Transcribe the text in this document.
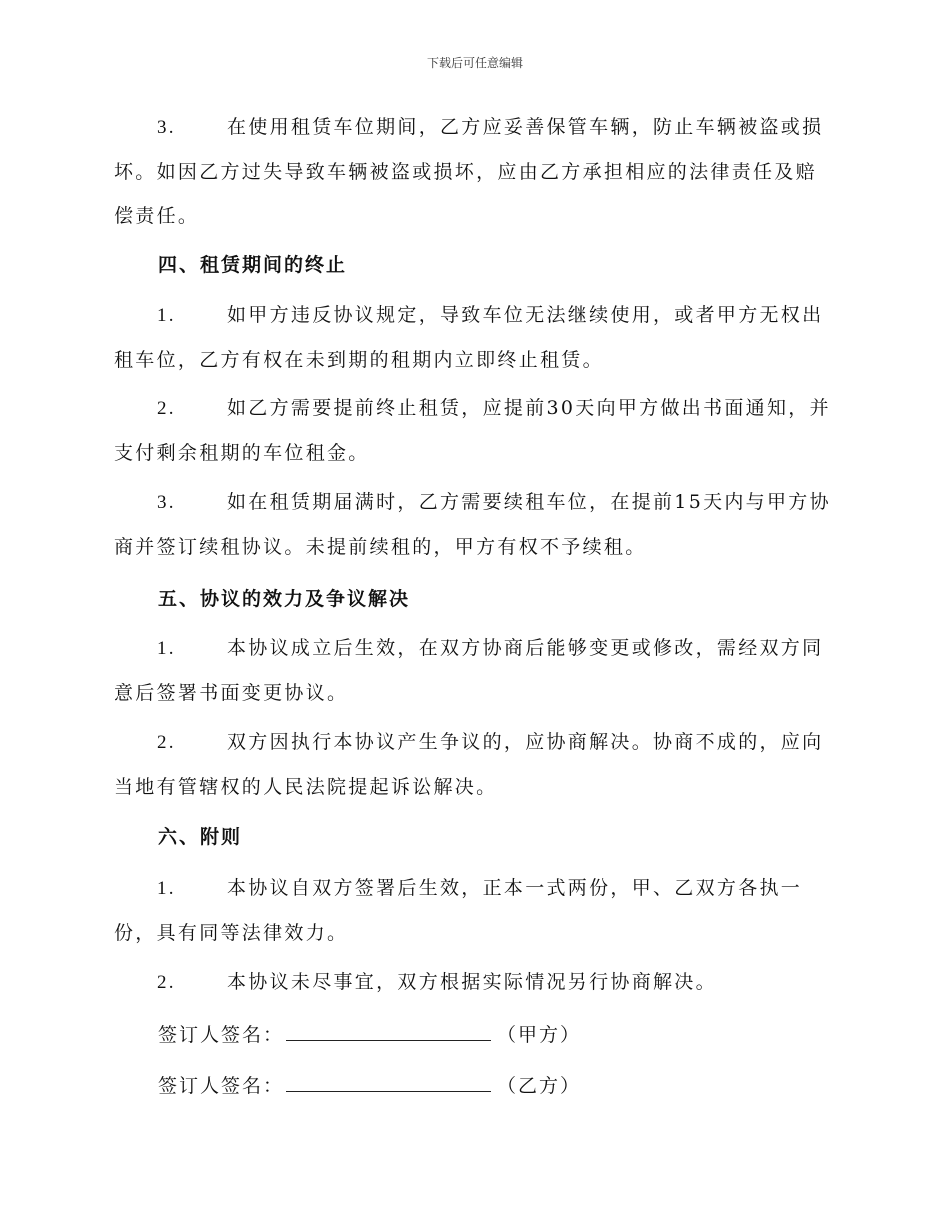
下载后可任意编辑
3.	在使用租赁车位期间，乙方应妥善保管车辆，防止车辆被盗或损坏。如因乙方过失导致车辆被盗或损坏，应由乙方承担相应的法律责任及赔偿责任。
四、租赁期间的终止
1.	如甲方违反协议规定，导致车位无法继续使用，或者甲方无权出租车位，乙方有权在未到期的租期内立即终止租赁。
2.	如乙方需要提前终止租赁，应提前30天向甲方做出书面通知，并支付剩余租期的车位租金。
3.	如在租赁期届满时，乙方需要续租车位，在提前15天内与甲方协商并签订续租协议。未提前续租的，甲方有权不予续租。
五、协议的效力及争议解决
1.	本协议成立后生效，在双方协商后能够变更或修改，需经双方同意后签署书面变更协议。
2.	双方因执行本协议产生争议的，应协商解决。协商不成的，应向当地有管辖权的人民法院提起诉讼解决。
六、附则
1.	本协议自双方签署后生效，正本一式两份，甲、乙双方各执一份，具有同等法律效力。
2.	本协议未尽事宜，双方根据实际情况另行协商解决。
签订人签名：	（甲方）
签订人签名：	（乙方）
